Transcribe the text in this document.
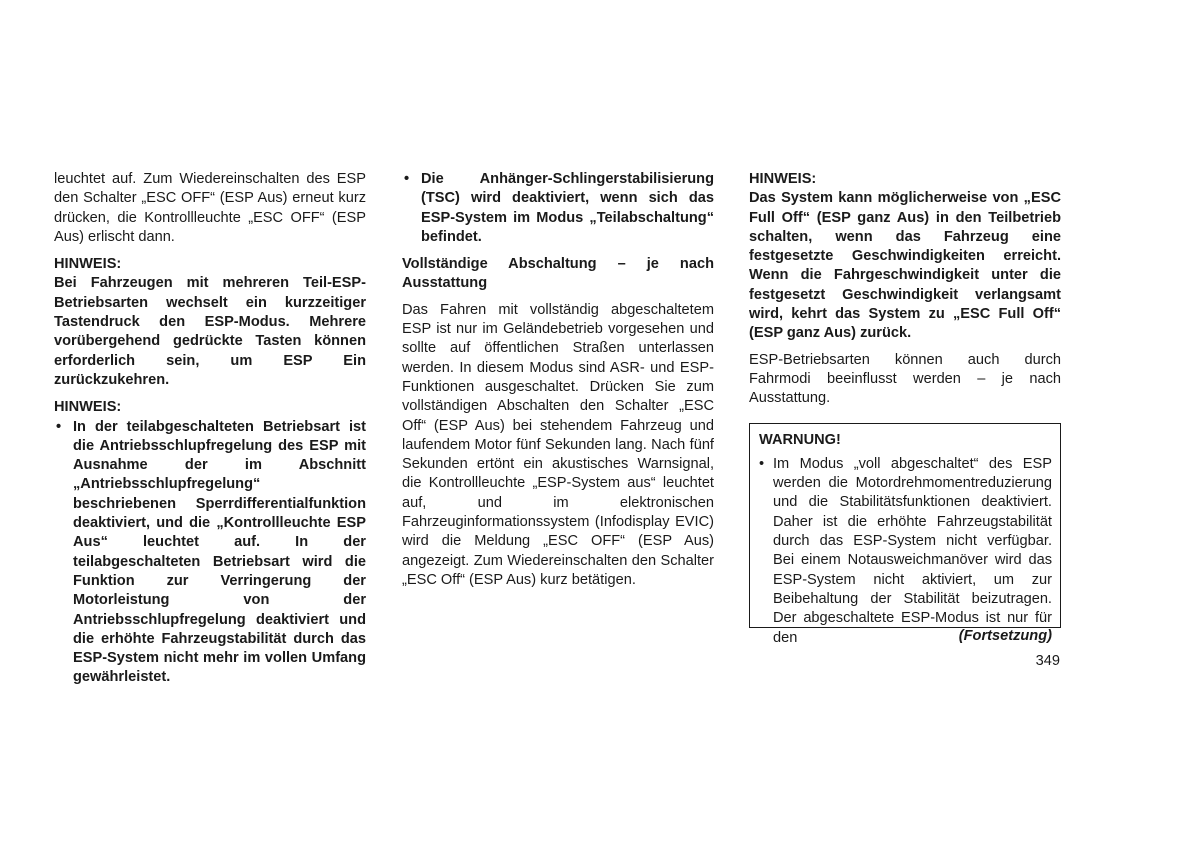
leuchtet auf. Zum Wiedereinschalten des ESP den Schalter „ESC OFF“ (ESP Aus) erneut kurz drücken, die Kontrollleuchte „ESC OFF“ (ESP Aus) erlischt dann.

HINWEIS:

Bei Fahrzeugen mit mehreren Teil-ESP-Betriebsarten wechselt ein kurzzeitiger Tastendruck den ESP-Modus. Mehrere vorübergehend gedrückte Tasten können erforderlich sein, um ESP Ein zurückzukehren.

HINWEIS:

• In der teilabgeschalteten Betriebsart ist die Antriebsschlupfregelung des ESP mit Ausnahme der im Abschnitt „Antriebsschlupfregelung“ beschriebenen Sperrdifferentialfunktion deaktiviert, und die „Kontrollleuchte ESP Aus“ leuchtet auf. In der teilabgeschalteten Betriebsart wird die Funktion zur Verringerung der Motorleistung von der Antriebsschlupfregelung deaktiviert und die erhöhte Fahrzeugstabilität durch das ESP-System nicht mehr im vollen Umfang gewährleistet.
• Die Anhänger-Schlingerstabilisierung (TSC) wird deaktiviert, wenn sich das ESP-System im Modus „Teilabschaltung“ befindet.

Vollständige Abschaltung – je nach Ausstattung

Das Fahren mit vollständig abgeschaltetem ESP ist nur im Geländebetrieb vorgesehen und sollte auf öffentlichen Straßen unterlassen werden. In diesem Modus sind ASR- und ESP-Funktionen ausgeschaltet. Drücken Sie zum vollständigen Abschalten den Schalter „ESC Off“ (ESP Aus) bei stehendem Fahrzeug und laufendem Motor fünf Sekunden lang. Nach fünf Sekunden ertönt ein akustisches Warnsignal, die Kontrollleuchte „ESP-System aus“ leuchtet auf, und im elektronischen Fahrzeuginformationssystem (Infodisplay EVIC) wird die Meldung „ESC OFF“ (ESP Aus) angezeigt. Zum Wiedereinschalten den Schalter „ESC Off“ (ESP Aus) kurz betätigen.

HINWEIS:

Das System kann möglicherweise von „ESC Full Off“ (ESP ganz Aus) in den Teilbetrieb schalten, wenn das Fahrzeug eine festgesetzte Geschwindigkeiten erreicht. Wenn die Fahrgeschwindigkeit unter die festgesetzt Geschwindigkeit verlangsamt wird, kehrt das System zu „ESC Full Off“ (ESP ganz Aus) zurück.

ESP-Betriebsarten können auch durch Fahrmodi beeinflusst werden – je nach Ausstattung.

WARNUNG!

• Im Modus „voll abgeschaltet“ des ESP werden die Motordrehmomentreduzierung und die Stabilitätsfunktionen deaktiviert. Daher ist die erhöhte Fahrzeugstabilität durch das ESP-System nicht verfügbar. Bei einem Notausweichmanöver wird das ESP-System nicht aktiviert, um zur Beibehaltung der Stabilität beizutragen. Der abgeschaltete ESP-Modus ist nur für den	(Fortsetzung)
349
